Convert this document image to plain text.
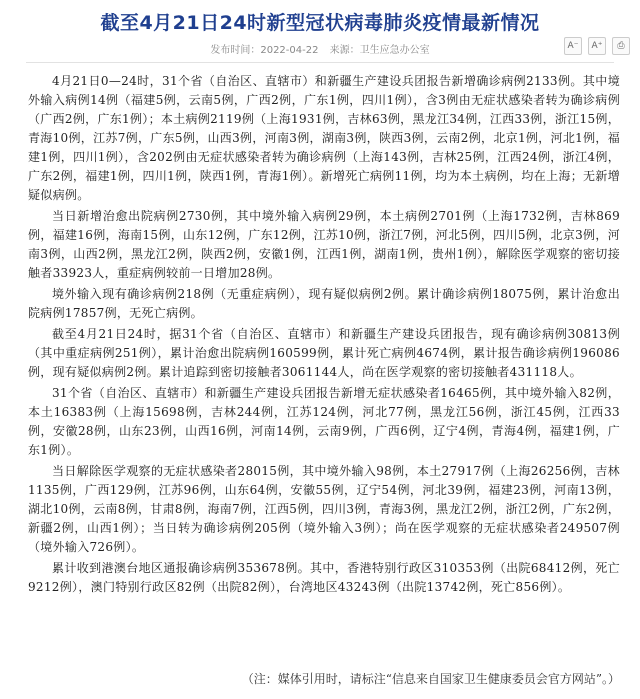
截至4月21日24时新型冠状病毒肺炎疫情最新情况
发布时间：2022-04-22 来源：卫生应急办公室	A⁻	A⁺	⎙

4月21日0—24时，31个省（自治区、直辖市）和新疆生产建设兵团报告新增确诊病例2133例。其中境外输入病例14例（福建5例，云南5例，广西2例，广东1例，四川1例），含3例由无症状感染者转为确诊病例（广西2例，广东1例）；本土病例2119例（上海1931例，吉林63例，黑龙江34例，江西33例，浙江15例，青海10例，江苏7例，广东5例，山西3例，河南3例，湖南3例，陕西3例，云南2例，北京1例，河北1例，福建1例，四川1例），含202例由无症状感染者转为确诊病例（上海143例，吉林25例，江西24例，浙江4例，广东2例，福建1例，四川1例，陕西1例，青海1例）。新增死亡病例11例，均为本土病例，均在上海；无新增疑似病例。

当日新增治愈出院病例2730例，其中境外输入病例29例，本土病例2701例（上海1732例，吉林869例，福建16例，海南15例，山东12例，广东12例，江苏10例，浙江7例，河北5例，四川5例，北京3例，河南3例，山西2例，黑龙江2例，陕西2例，安徽1例，江西1例，湖南1例，贵州1例），解除医学观察的密切接触者33923人，重症病例较前一日增加28例。

境外输入现有确诊病例218例（无重症病例），现有疑似病例2例。累计确诊病例18075例，累计治愈出院病例17857例，无死亡病例。

截至4月21日24时，据31个省（自治区、直辖市）和新疆生产建设兵团报告，现有确诊病例30813例（其中重症病例251例），累计治愈出院病例160599例，累计死亡病例4674例，累计报告确诊病例196086例，现有疑似病例2例。累计追踪到密切接触者3061144人，尚在医学观察的密切接触者431118人。

31个省（自治区、直辖市）和新疆生产建设兵团报告新增无症状感染者16465例，其中境外输入82例，本土16383例（上海15698例，吉林244例，江苏124例，河北77例，黑龙江56例，浙江45例，江西33例，安徽28例，山东23例，山西16例，河南14例，云南9例，广西6例，辽宁4例，青海4例，福建1例，广东1例）。

当日解除医学观察的无症状感染者28015例，其中境外输入98例，本土27917例（上海26256例，吉林1135例，广西129例，江苏96例，山东64例，安徽55例，辽宁54例，河北39例，福建23例，河南13例，湖北10例，云南8例，甘肃8例，海南7例，江西5例，四川3例，青海3例，黑龙江2例，浙江2例，广东2例，新疆2例，山西1例）；当日转为确诊病例205例（境外输入3例）；尚在医学观察的无症状感染者249507例（境外输入726例）。

累计收到港澳台地区通报确诊病例353678例。其中，香港特别行政区310353例（出院68412例，死亡9212例），澳门特别行政区82例（出院82例），台湾地区43243例（出院13742例，死亡856例）。

（注：媒体引用时，请标注“信息来自国家卫生健康委员会官方网站”。）
